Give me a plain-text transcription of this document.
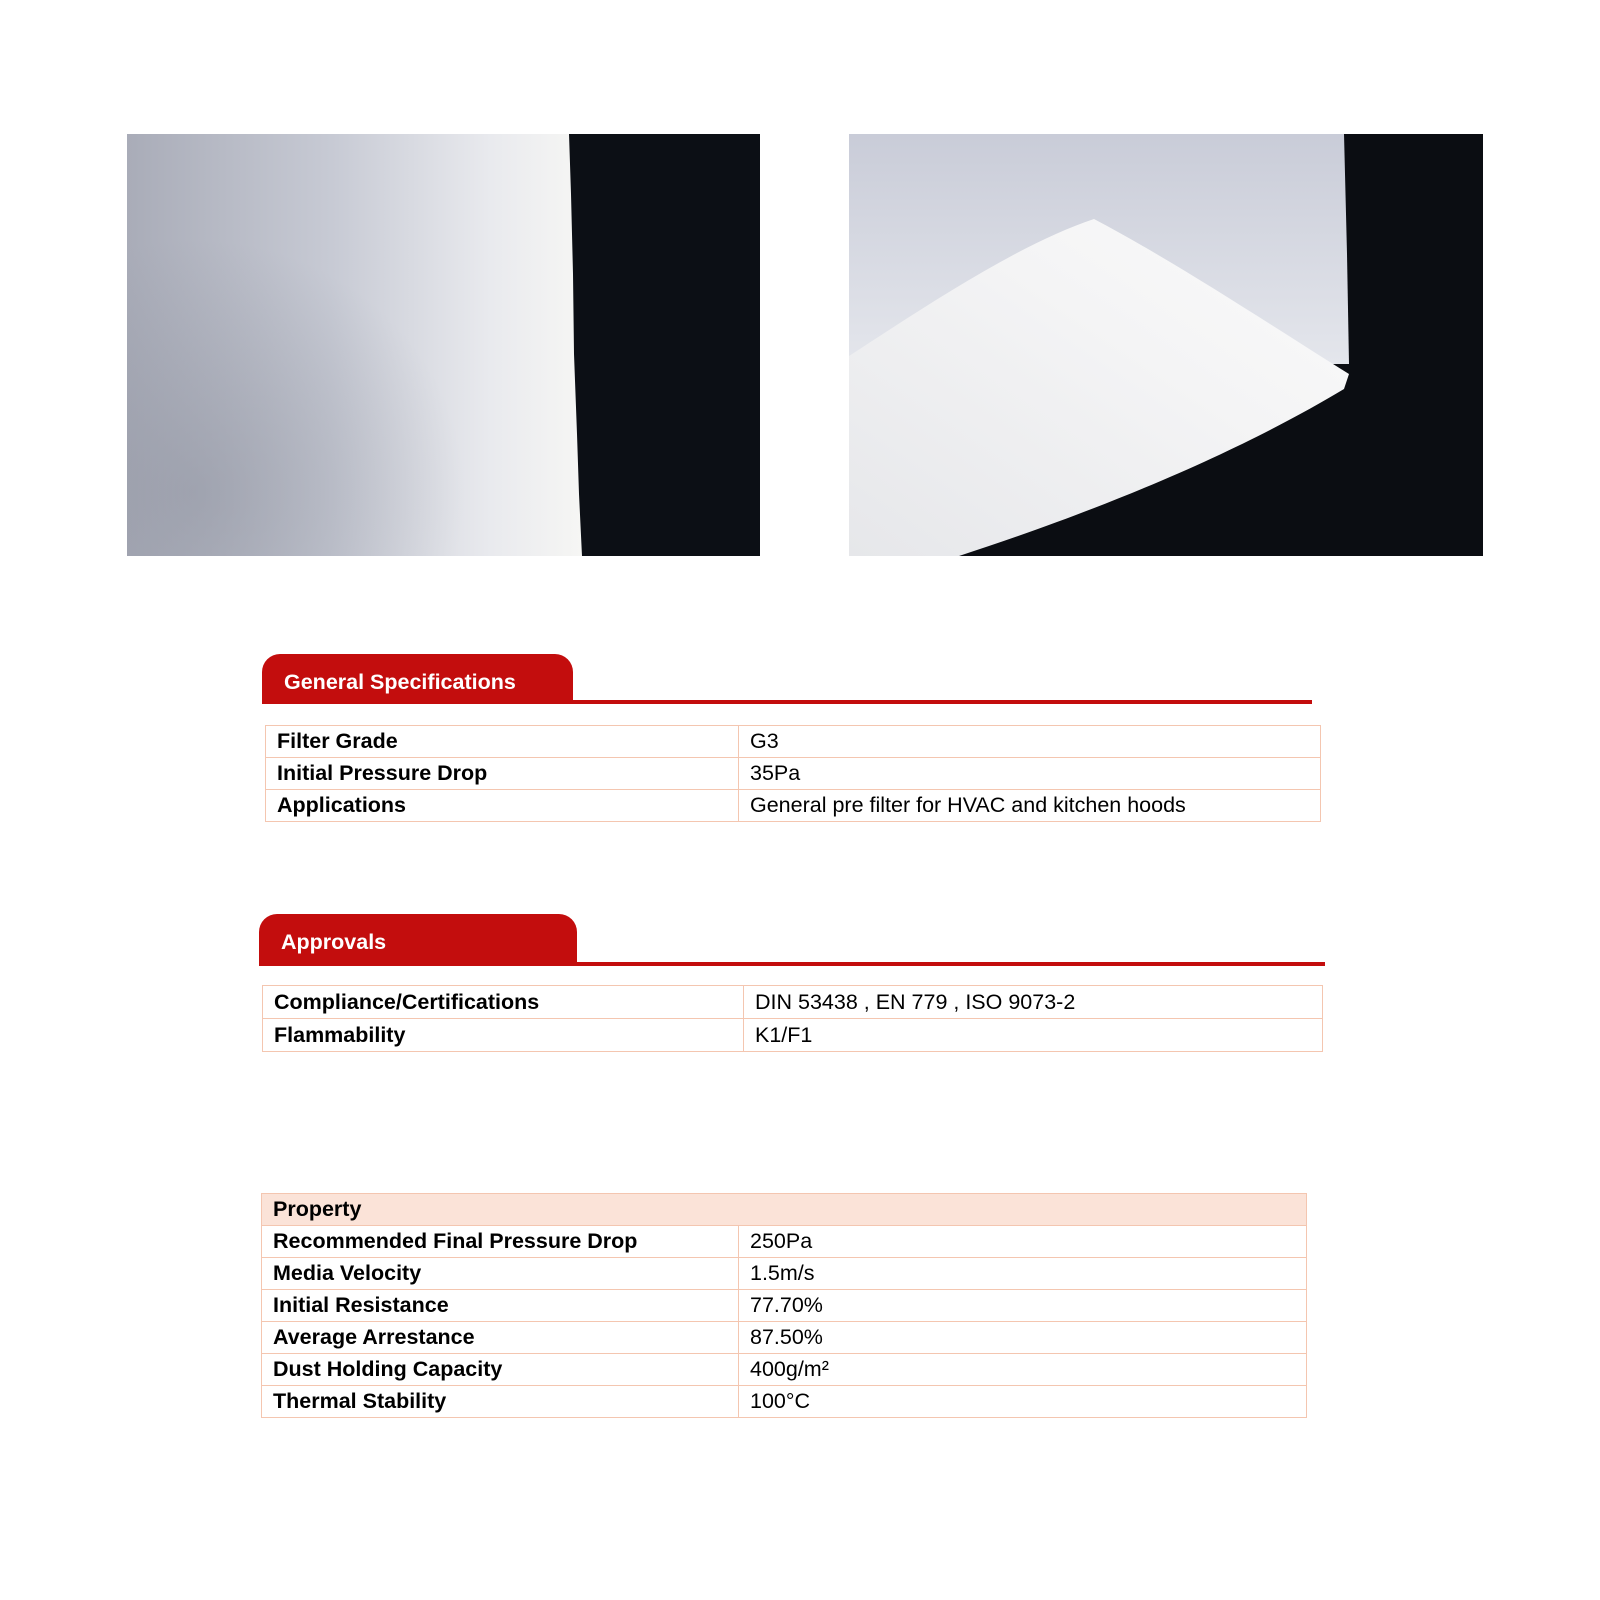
General Specifications
Filter Grade	G3
Initial Pressure Drop	35Pa
Applications	General pre filter for HVAC and kitchen hoods
Approvals
Compliance/Certifications	DIN 53438 , EN 779 , ISO 9073-2
Flammability	K1/F1
Property	
Recommended Final Pressure Drop	250Pa
Media Velocity	1.5m/s
Initial Resistance	77.70%
Average Arrestance	87.50%
Dust Holding Capacity	400g/m²
Thermal Stability	100°C
